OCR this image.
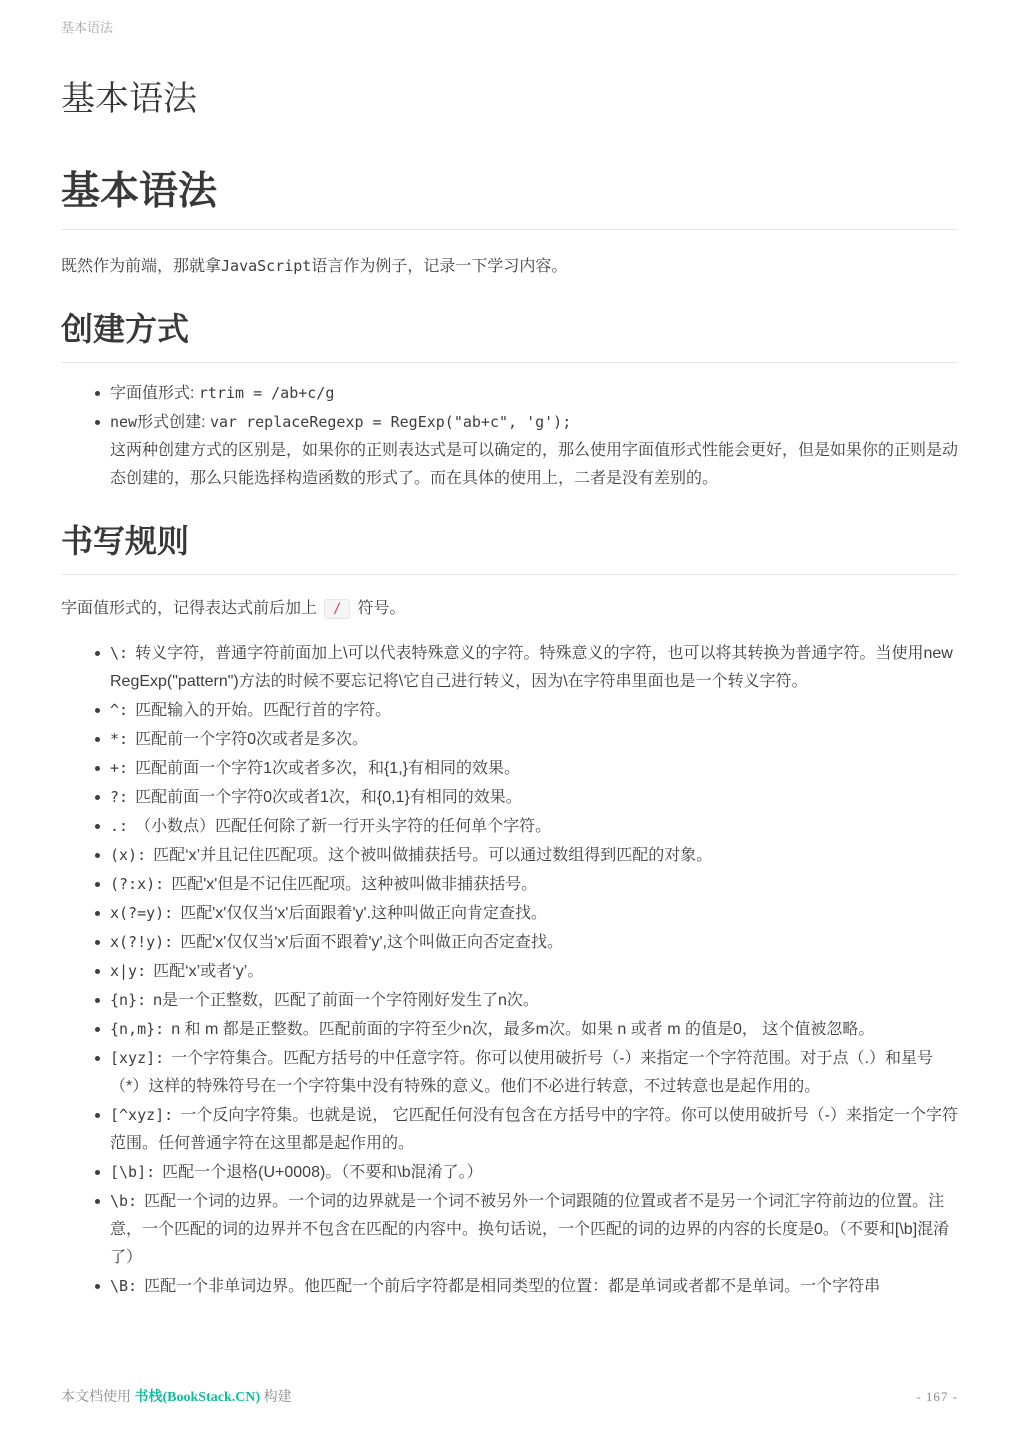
基本语法
基本语法
基本语法

既然作为前端，那就拿JavaScript语言作为例子，记录一下学习内容。

创建方式
字面值形式: rtrim = /ab+c/g
new形式创建: var replaceRegexp = RegExp("ab+c", 'g');
这两种创建方式的区别是，如果你的正则表达式是可以确定的，那么使用字面值形式性能会更好，但是如果你的正则是动态创建的，那么只能选择构造函数的形式了。而在具体的使用上，二者是没有差别的。
书写规则

字面值形式的，记得表达式前后加上 / 符号。

\: 转义字符，普通字符前面加上\可以代表特殊意义的字符。特殊意义的字符，也可以将其转换为普通字符。当使用new RegExp("pattern")方法的时候不要忘记将\它自己进行转义，因为\在字符串里面也是一个转义字符。
^: 匹配输入的开始。匹配行首的字符。
*: 匹配前一个字符0次或者是多次。
+: 匹配前面一个字符1次或者多次，和{1,}有相同的效果。
?: 匹配前面一个字符0次或者1次，和{0,1}有相同的效果。
.: （小数点）匹配任何除了新一行开头字符的任何单个字符。
(x): 匹配‘x’并且记住匹配项。这个被叫做捕获括号。可以通过数组得到匹配的对象。
(?:x): 匹配'x'但是不记住匹配项。这种被叫做非捕获括号。
x(?=y): 匹配'x'仅仅当'x'后面跟着'y'.这种叫做正向肯定查找。
x(?!y): 匹配'x'仅仅当'x'后面不跟着'y',这个叫做正向否定查找。
x|y: 匹配‘x’或者‘y’。
{n}: n是一个正整数，匹配了前面一个字符刚好发生了n次。
{n,m}: n 和 m 都是正整数。匹配前面的字符至少n次，最多m次。如果 n 或者 m 的值是0， 这个值被忽略。
[xyz]: 一个字符集合。匹配方括号的中任意字符。你可以使用破折号（-）来指定一个字符范围。对于点（.）和星号（*）这样的特殊符号在一个字符集中没有特殊的意义。他们不必进行转意，不过转意也是起作用的。
[^xyz]: 一个反向字符集。也就是说， 它匹配任何没有包含在方括号中的字符。你可以使用破折号（-）来指定一个字符范围。任何普通字符在这里都是起作用的。
[\b]: 匹配一个退格(U+0008)。（不要和\b混淆了。）
\b: 匹配一个词的边界。一个词的边界就是一个词不被另外一个词跟随的位置或者不是另一个词汇字符前边的位置。注意，一个匹配的词的边界并不包含在匹配的内容中。换句话说，一个匹配的词的边界的内容的长度是0。（不要和[\b]混淆了）
\B: 匹配一个非单词边界。他匹配一个前后字符都是相同类型的位置：都是单词或者都不是单词。一个字符串
本文档使用 书栈(BookStack.CN) 构建	- 167 -
